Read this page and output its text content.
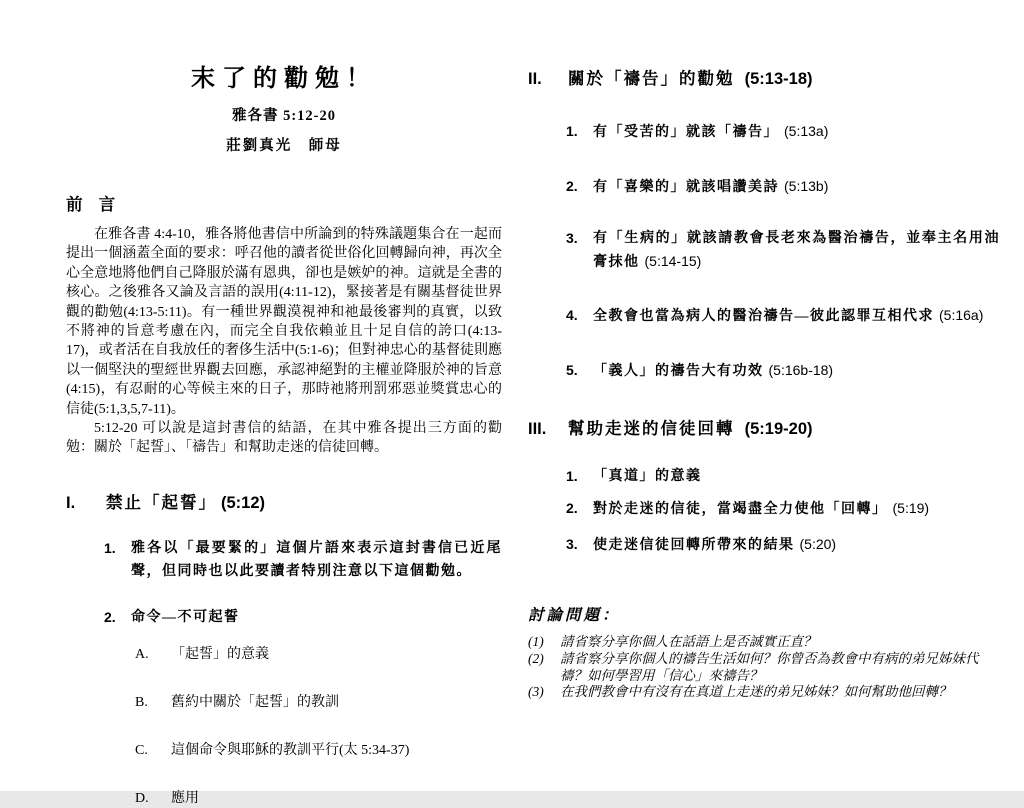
末了的勸勉！
雅各書 5:12-20
莊劉真光　師母
前 言

在雅各書 4:4-10，雅各將他書信中所論到的特殊議題集合在一起而提出一個涵蓋全面的要求：呼召他的讀者從世俗化回轉歸向神，再次全心全意地將他們自己降服於滿有恩典，卻也是嫉妒的神。這就是全書的核心。之後雅各又論及言語的誤用(4:11-12)，緊接著是有關基督徒世界觀的勸勉(4:13-5:11)。有一種世界觀漠視神和祂最後審判的真實，以致不將神的旨意考慮在內，而完全自我依賴並且十足自信的誇口(4:13-17)，或者活在自我放任的奢侈生活中(5:1-6)；但對神忠心的基督徒則應以一個堅決的聖經世界觀去回應，承認神絕對的主權並降服於神的旨意(4:15)，有忍耐的心等候主來的日子，那時祂將刑罰邪惡並獎賞忠心的信徒(5:1,3,5,7-11)。

5:12-20 可以說是這封書信的結語，在其中雅各提出三方面的勸勉：關於「起誓」、「禱告」和幫助走迷的信徒回轉。

I.	禁止「起誓」 (5:12)
1.	雅各以「最要緊的」這個片語來表示這封書信已近尾聲，但同時也以此要讀者特別注意以下這個勸勉。
2.	命令—不可起誓
A.	「起誓」的意義
B.	舊約中關於「起誓」的教訓
C.	這個命令與耶穌的教訓平行(太 5:34-37)
D.	應用
II.	關於「禱告」的勸勉 (5:13-18)
1.	有「受苦的」就該「禱告」 (5:13a)
2.	有「喜樂的」就該唱讚美詩 (5:13b)
3.	有「生病的」就該請教會長老來為醫治禱告，並奉主名用油膏抹他 (5:14-15)
4.	全教會也當為病人的醫治禱告—彼此認罪互相代求 (5:16a)
5.	「義人」的禱告大有功效 (5:16b-18)
III.	幫助走迷的信徒回轉 (5:19-20)
1.	「真道」的意義
2.	對於走迷的信徒，當竭盡全力使他「回轉」 (5:19)
3.	使走迷信徒回轉所帶來的結果 (5:20)
討論問題：
(1)	請省察分享你個人在話語上是否誠實正直？
(2)	請省察分享你個人的禱告生活如何？你曾否為教會中有病的弟兄姊妹代禱？如何學習用「信心」來禱告？
(3)	在我們教會中有沒有在真道上走迷的弟兄姊妹？如何幫助他回轉？
